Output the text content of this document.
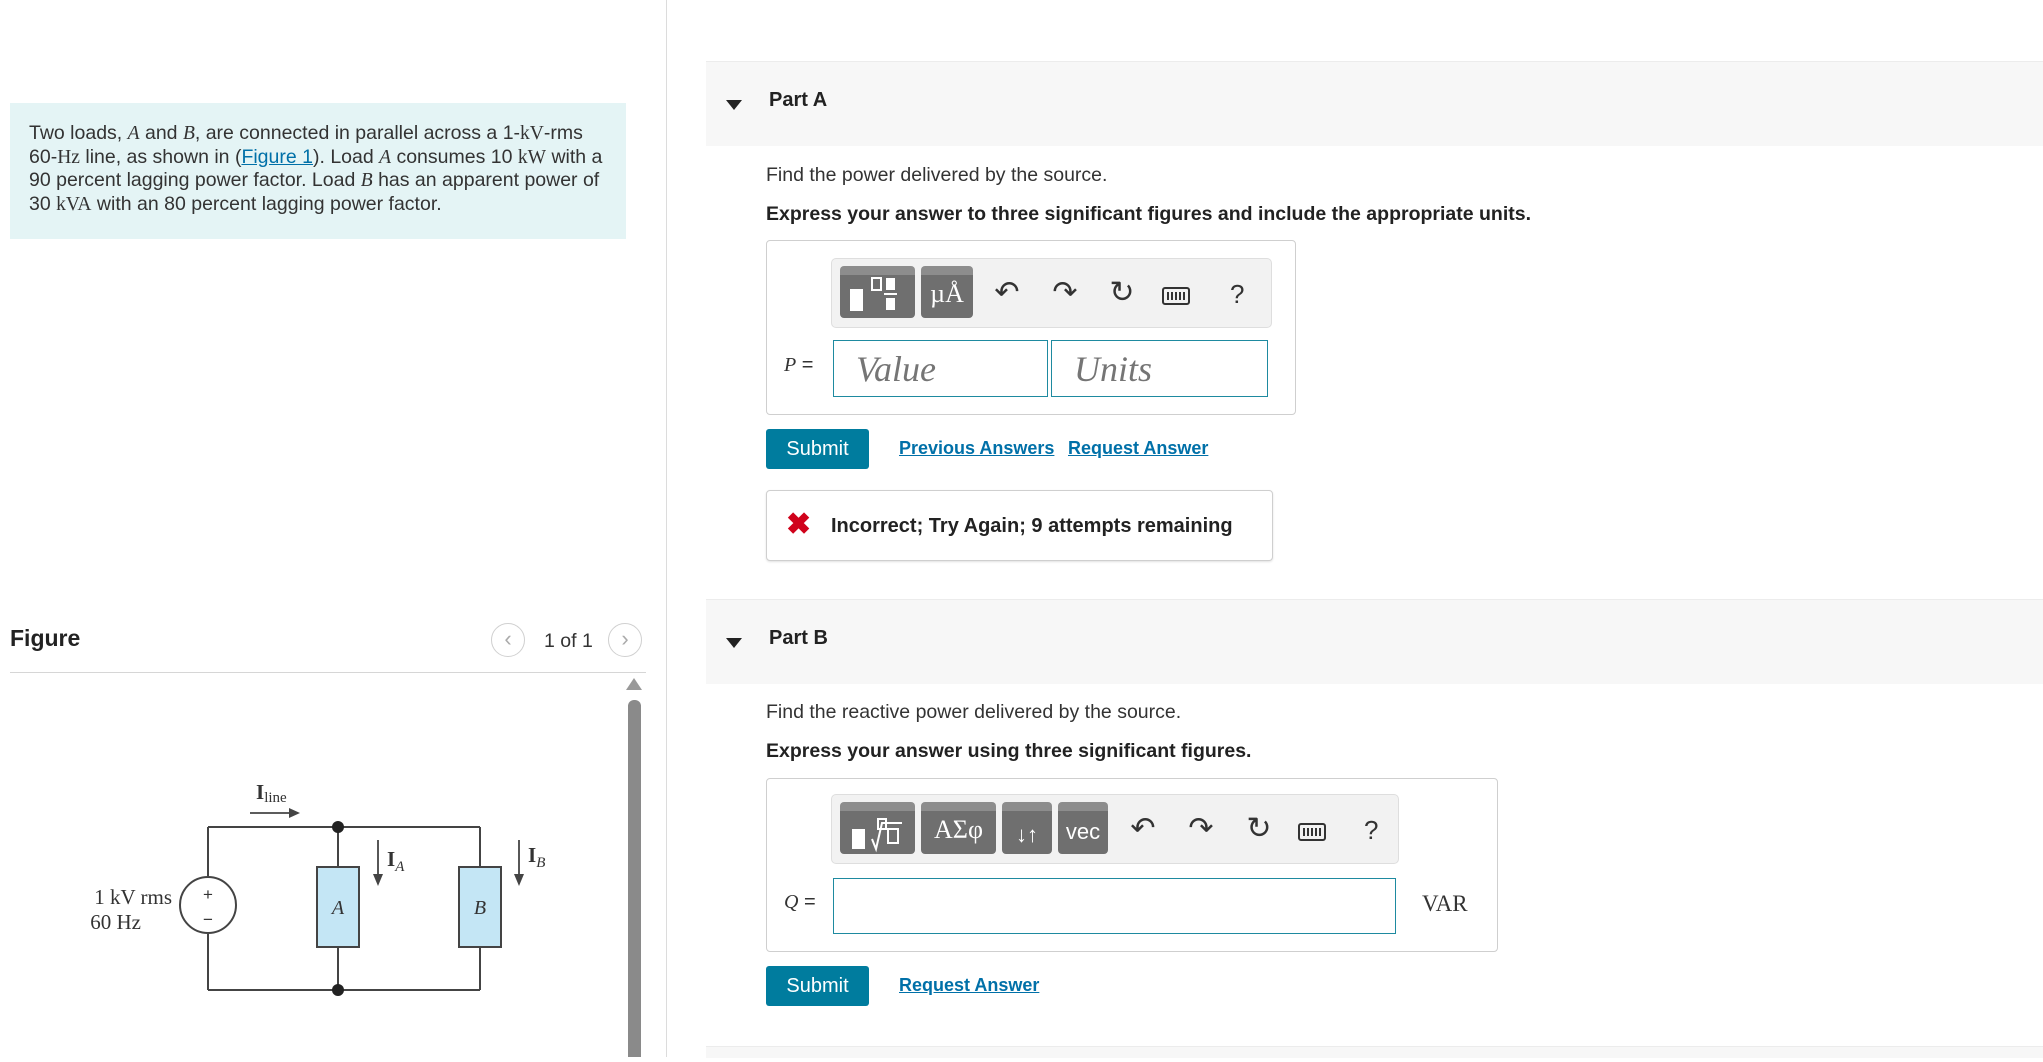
Two loads, A and B, are connected in parallel across a 1-kV-rms 60-Hz line, as shown in (Figure 1). Load A consumes 10 kW with a 90 percent lagging power factor. Load B has an apparent power of 30 kVA with an 80 percent lagging power factor.
Figure	‹	1 of 1	›
+
−
1 kV rms
60 Hz
A	B
Iline
$I_A$	$I_B$
Part A
Find the power delivered by the source.
Express your answer to three significant figures and include the appropriate units.
µÅ	↶ ↷ ↻	?
P =
Value
Units
Submit	Previous Answers Request Answer
✖ Incorrect; Try Again; 9 attempts remaining
Part B
Find the reactive power delivered by the source.
Express your answer using three significant figures.
ΑΣφ	↓↑	vec ↶ ↷ ↻	?
Q =	VAR
Submit	Request Answer
